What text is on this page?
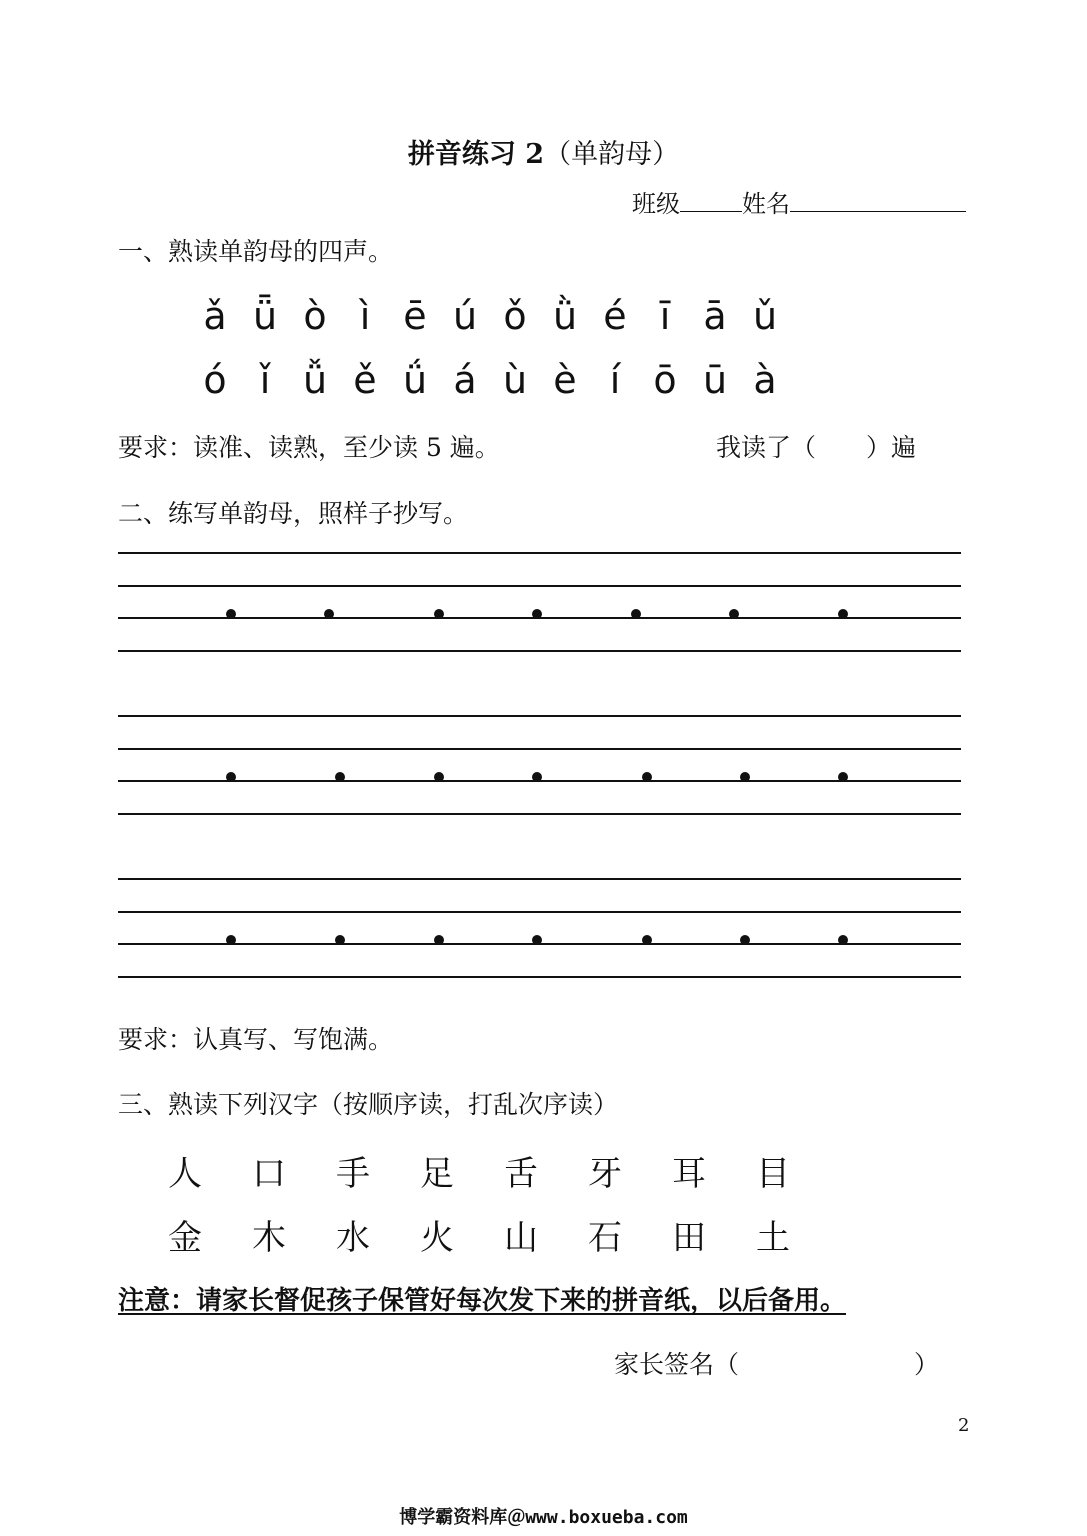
拼音练习 2（单韵母）
班级	姓名
一、熟读单韵母的四声。
ǎ ǖ ò ì ē ú ǒ ǜ é ī ā ǔ
ó ǐ ǚ ě ǘ á ù è í ō ū à
要求：读准、读熟，至少读 5 遍。	我读了（　　）遍
二、练写单韵母，照样子抄写。
要求：认真写、写饱满。
三、熟读下列汉字（按顺序读，打乱次序读）
人 口 手 足 舌 牙 耳 目
金 木 水 火 山 石 田 土
注意：请家长督促孩子保管好每次发下来的拼音纸，以后备用。
家长签名（　　　　　　　）
2
博学霸资料库＠www.boxueba.com
